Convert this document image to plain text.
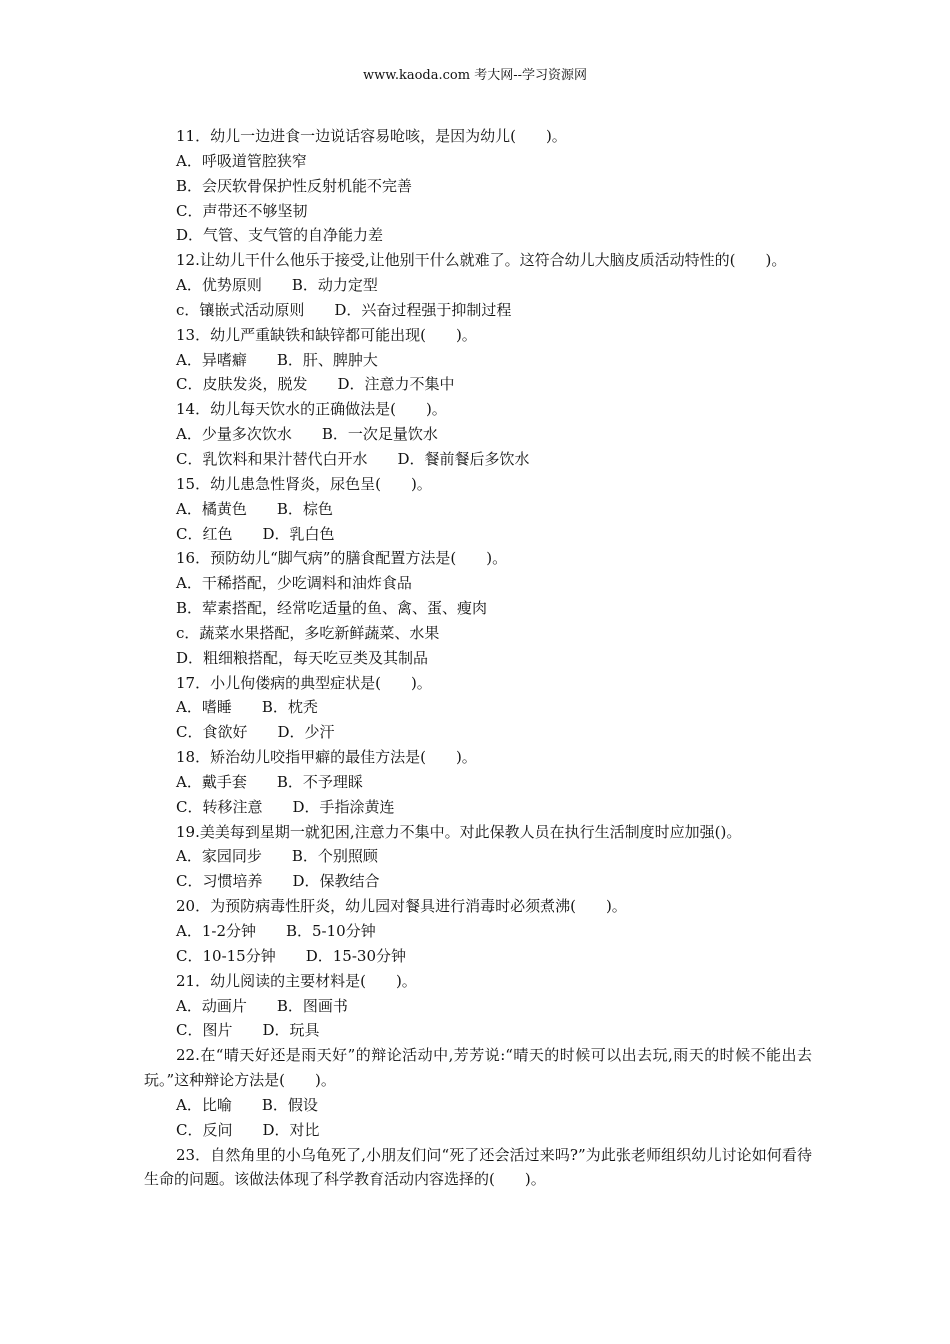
www.kaoda.com 考大网--学习资源网
11．幼儿一边进食一边说话容易呛咳，是因为幼儿(　　)。
A．呼吸道管腔狭窄
B．会厌软骨保护性反射机能不完善
C．声带还不够坚韧
D．气管、支气管的自净能力差
12.让幼儿干什么他乐于接受,让他别干什么就难了。这符合幼儿大脑皮质活动特性的(　　)。
A．优势原则　　B．动力定型
c．镶嵌式活动原则　　D．兴奋过程强于抑制过程
13．幼儿严重缺铁和缺锌都可能出现(　　)。
A．异嗜癖　　B．肝、脾肿大
C．皮肤发炎，脱发　　D．注意力不集中
14．幼儿每天饮水的正确做法是(　　)。
A．少量多次饮水　　B．一次足量饮水
C．乳饮料和果汁替代白开水　　D．餐前餐后多饮水
15．幼儿患急性肾炎，尿色呈(　　)。
A．橘黄色　　B．棕色
C．红色　　D．乳白色
16．预防幼儿“脚气病”的膳食配置方法是(　　)。
A．干稀搭配，少吃调料和油炸食品
B．荤素搭配，经常吃适量的鱼、禽、蛋、瘦肉
c．蔬菜水果搭配，多吃新鲜蔬菜、水果
D．粗细粮搭配，每天吃豆类及其制品
17．小儿佝偻病的典型症状是(　　)。
A．嗜睡　　B．枕秃
C．食欲好　　D．少汗
18．矫治幼儿咬指甲癖的最佳方法是(　　)。
A．戴手套　　B．不予理睬
C．转移注意　　D．手指涂黄连
19.美美每到星期一就犯困,注意力不集中。对此保教人员在执行生活制度时应加强()。
A．家园同步　　B．个别照顾
C．习惯培养　　D．保教结合
20．为预防病毒性肝炎，幼儿园对餐具进行消毒时必须煮沸(　　)。
A．1-2分钟　　B．5-10分钟
C．10-15分钟　　D．15-30分钟
21．幼儿阅读的主要材料是(　　)。
A．动画片　　B．图画书
C．图片　　D．玩具
22.在“晴天好还是雨天好”的辩论活动中,芳芳说:“晴天的时候可以出去玩,雨天的时候不能出去玩。”这种辩论方法是(　　)。
A．比喻　　B．假设
C．反问　　D．对比
23．自然角里的小乌龟死了,小朋友们问“死了还会活过来吗?”为此张老师组织幼儿讨论如何看待生命的问题。该做法体现了科学教育活动内容选择的(　　)。
